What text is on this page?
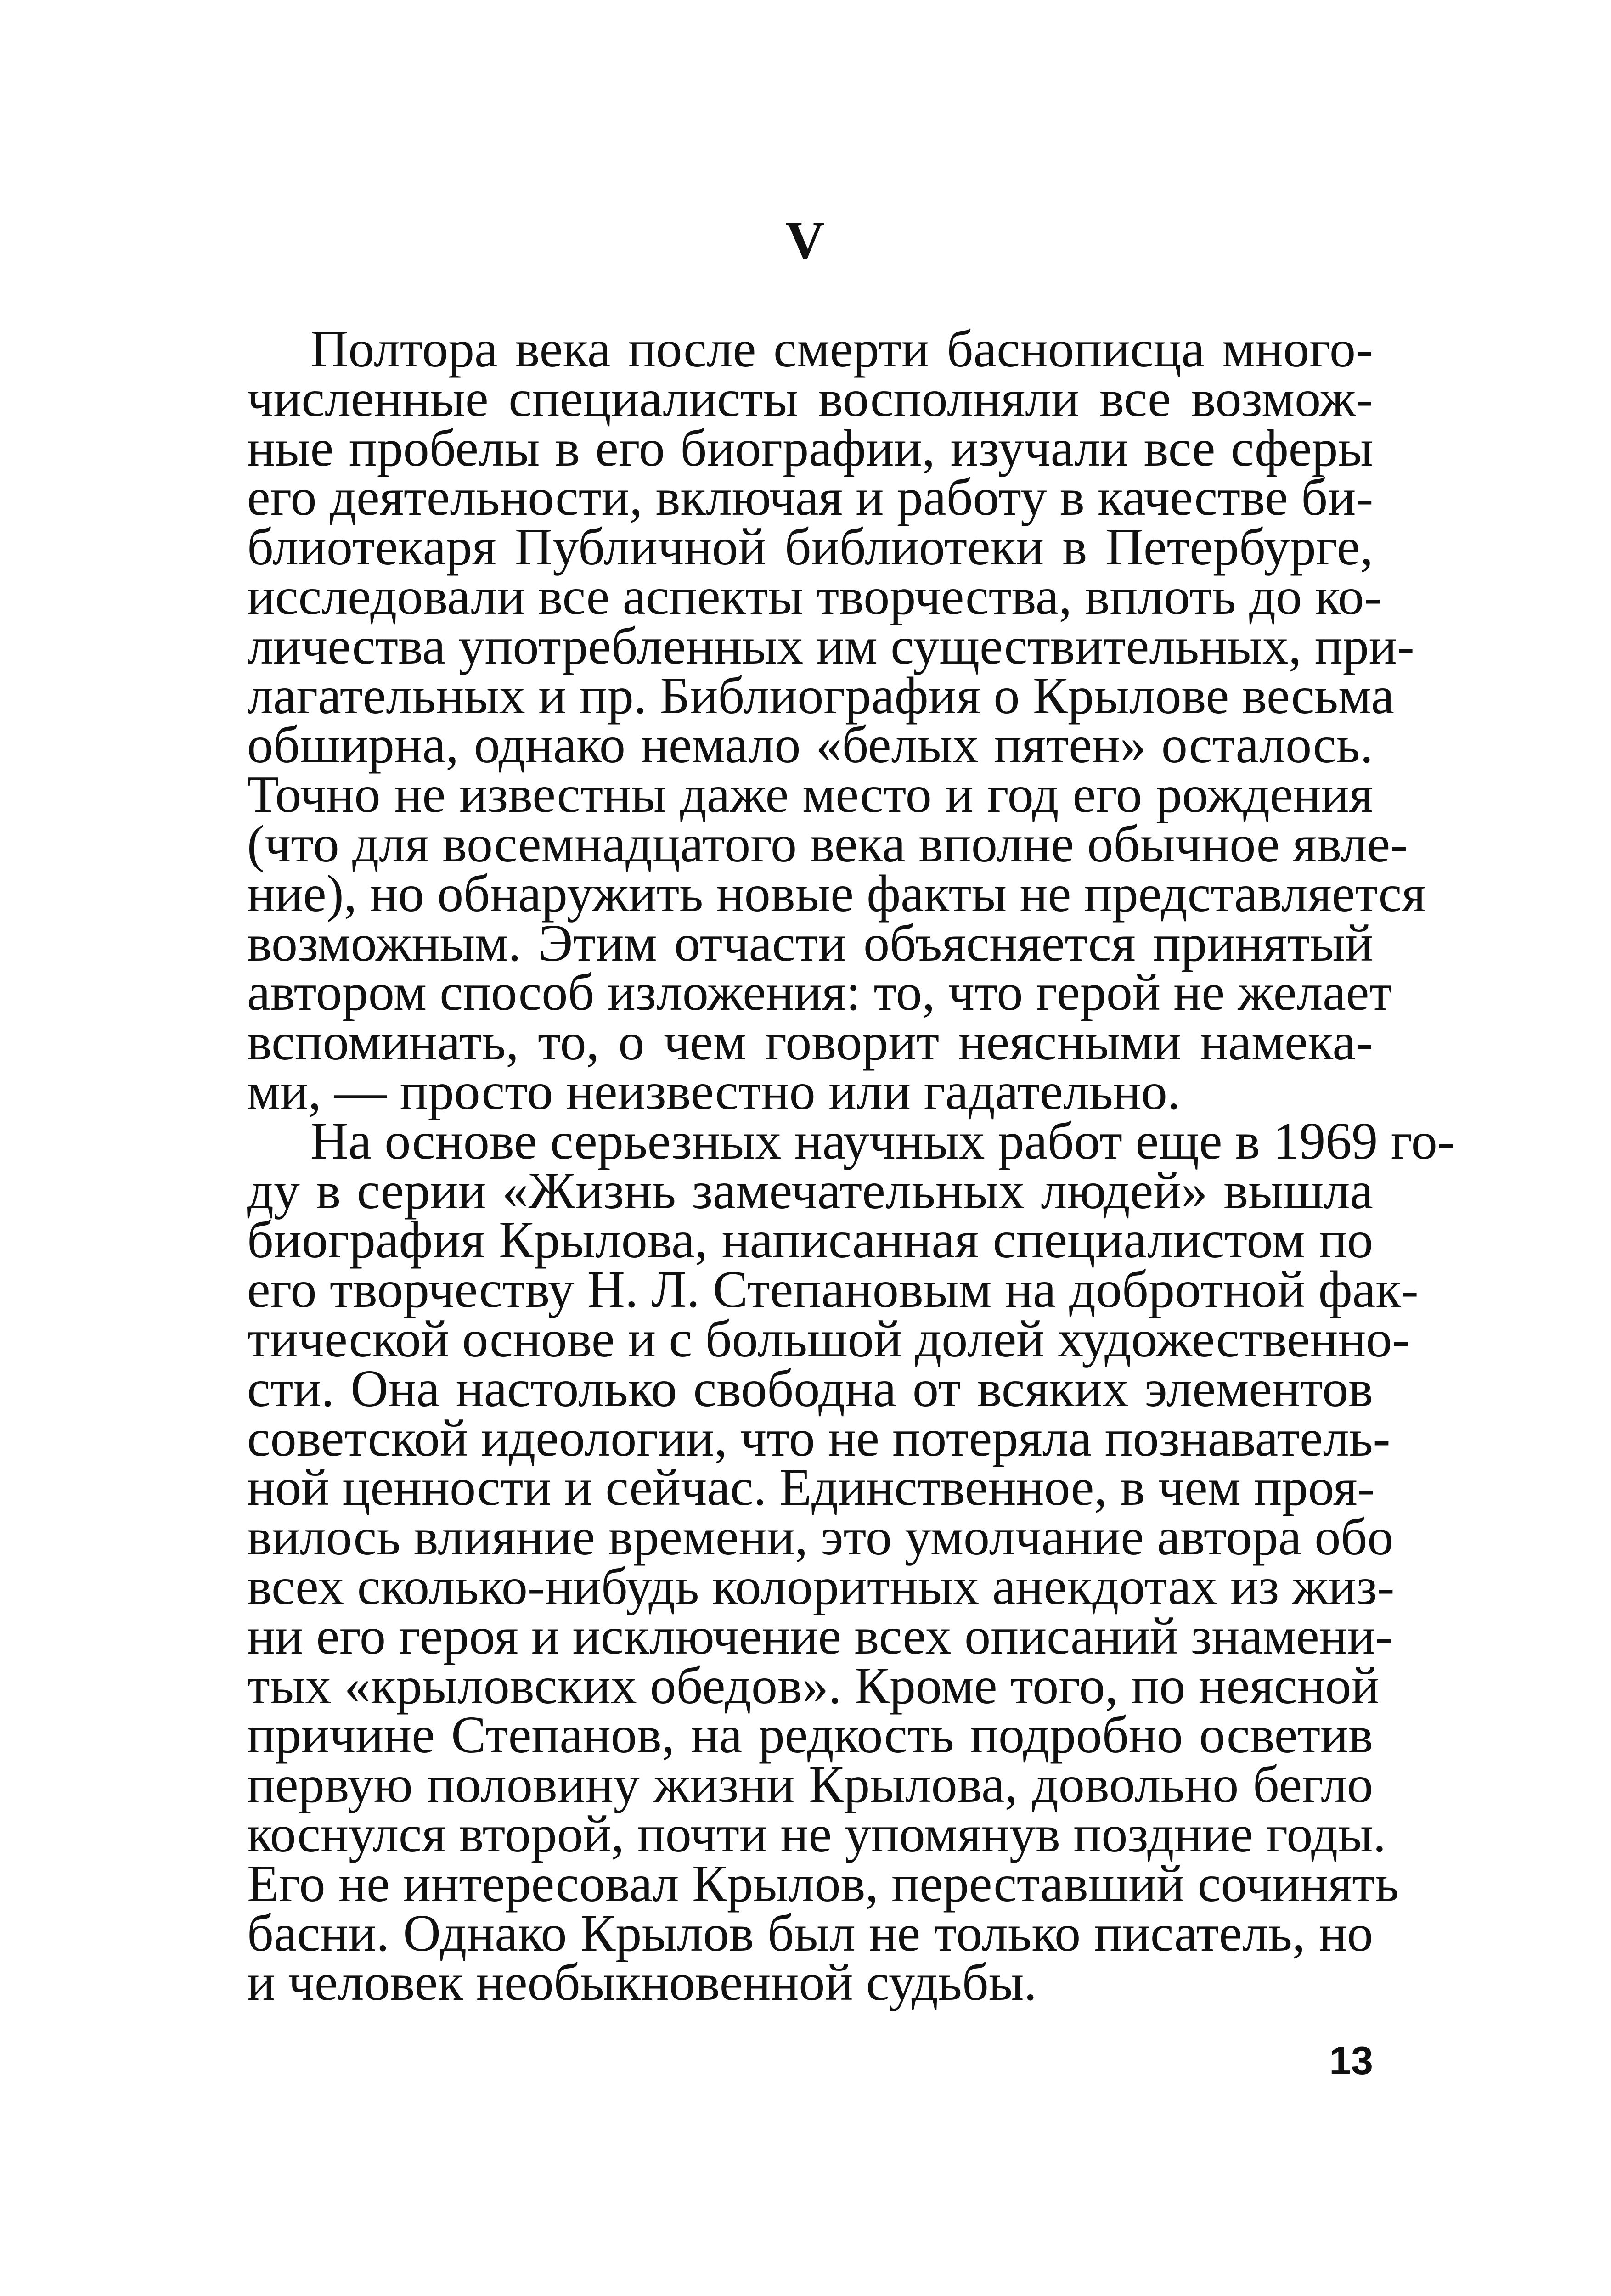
V
Полтора века после смерти баснописца много-
численные специалисты восполняли все возмож-
ные пробелы в его биографии, изучали все сферы
его деятельности, включая и работу в качестве би-
блиотекаря Публичной библиотеки в Петербурге,
исследовали все аспекты творчества, вплоть до ко-
личества употребленных им существительных, при-
лагательных и пр. Библиография о Крылове весьма
обширна, однако немало «белых пятен» осталось.
Точно не известны даже место и год его рождения
(что для восемнадцатого века вполне обычное явле-
ние), но обнаружить новые факты не представляется
возможным. Этим отчасти объясняется принятый
автором способ изложения: то, что герой не желает
вспоминать, то, о чем говорит неясными намека-
ми, — просто неизвестно или гадательно.
На основе серьезных научных работ еще в 1969 го-
ду в серии «Жизнь замечательных людей» вышла
биография Крылова, написанная специалистом по
его творчеству Н. Л. Степановым на добротной фак-
тической основе и с большой долей художественно-
сти. Она настолько свободна от всяких элементов
советской идеологии, что не потеряла познаватель-
ной ценности и сейчас. Единственное, в чем проя-
вилось влияние времени, это умолчание автора обо
всех сколько-нибудь колоритных анекдотах из жиз-
ни его героя и исключение всех описаний знамени-
тых «крыловских обедов». Кроме того, по неясной
причине Степанов, на редкость подробно осветив
первую половину жизни Крылова, довольно бегло
коснулся второй, почти не упомянув поздние годы.
Его не интересовал Крылов, переставший сочинять
басни. Однако Крылов был не только писатель, но
и человек необыкновенной судьбы.
13
